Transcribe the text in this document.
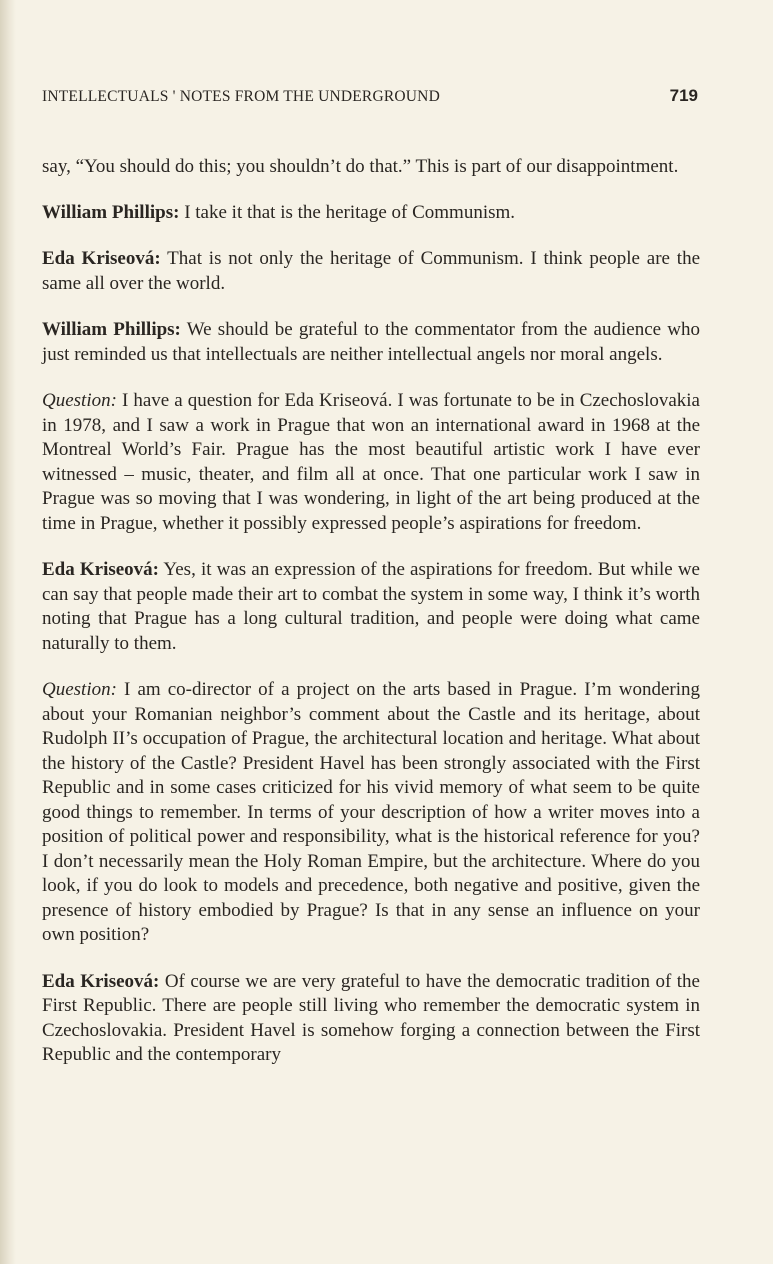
INTELLECTUALS ' NOTES FROM THE UNDERGROUND	719

say, “You should do this; you shouldn’t do that.” This is part of our disappointment.

William Phillips: I take it that is the heritage of Communism.

Eda Kriseová: That is not only the heritage of Communism. I think people are the same all over the world.

William Phillips: We should be grateful to the commentator from the audience who just reminded us that intellectuals are neither intellectual angels nor moral angels.

Question: I have a question for Eda Kriseová. I was fortunate to be in Czechoslovakia in 1978, and I saw a work in Prague that won an international award in 1968 at the Montreal World’s Fair. Prague has the most beautiful artistic work I have ever witnessed – music, theater, and film all at once. That one particular work I saw in Prague was so moving that I was wondering, in light of the art being produced at the time in Prague, whether it possibly expressed people’s aspirations for freedom.

Eda Kriseová: Yes, it was an expression of the aspirations for freedom. But while we can say that people made their art to combat the system in some way, I think it’s worth noting that Prague has a long cultural tradition, and people were doing what came naturally to them.

Question: I am co-director of a project on the arts based in Prague. I’m wondering about your Romanian neighbor’s comment about the Castle and its heritage, about Rudolph II’s occupation of Prague, the architectural location and heritage. What about the history of the Castle? President Havel has been strongly associated with the First Republic and in some cases criticized for his vivid memory of what seem to be quite good things to remember. In terms of your description of how a writer moves into a position of political power and responsibility, what is the historical reference for you? I don’t necessarily mean the Holy Roman Empire, but the architecture. Where do you look, if you do look to models and precedence, both negative and positive, given the presence of history embodied by Prague? Is that in any sense an influence on your own position?

Eda Kriseová: Of course we are very grateful to have the democratic tradition of the First Republic. There are people still living who remember the democratic system in Czechoslovakia. President Havel is somehow forging a connection between the First Republic and the contemporary
